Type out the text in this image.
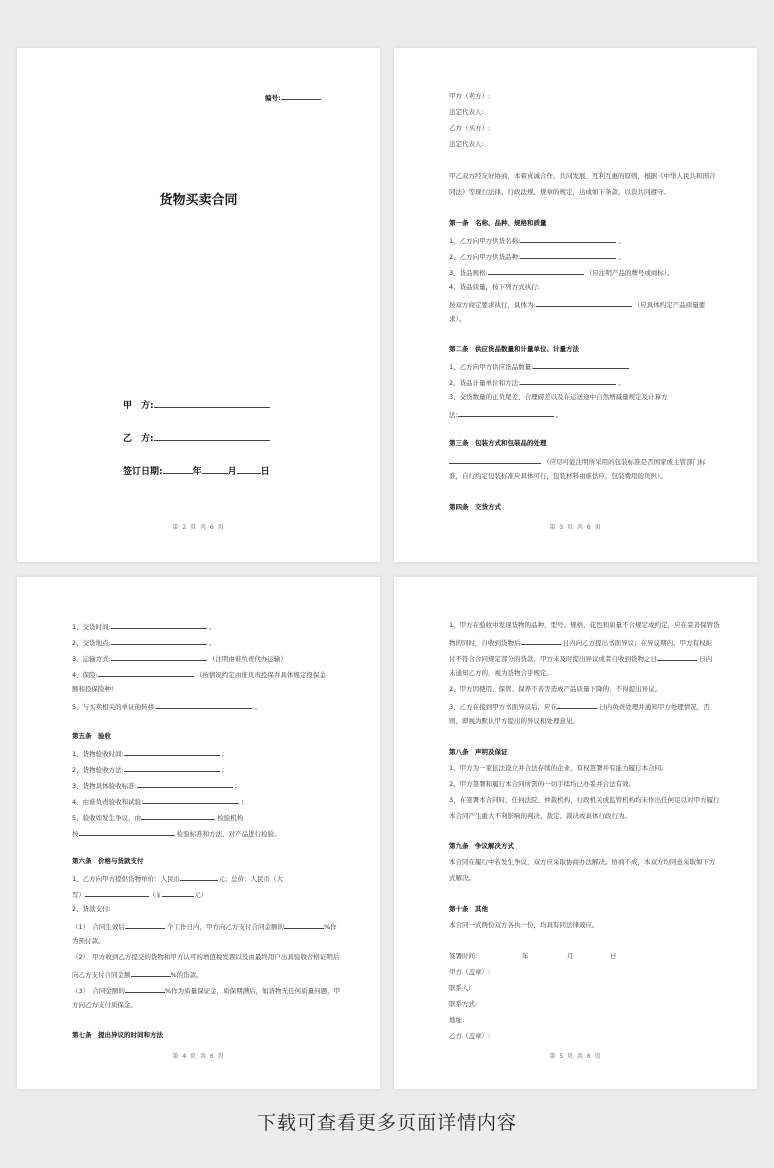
编号:
货物买卖合同
甲　方:
乙　方:
签订日期:	年	月	日
第 2 页 共 6 页
甲方（卖方）:
法定代表人:
乙方（买方）:
法定代表人:
甲乙双方经友好协商，本着真诚合作、共同发展、互利互惠的原则，根据《中华人民共和国合
同法》等现行法律、行政法规、规章的规定，达成如下条款，以资共同遵守。
第一条　名称、品种、规格和质量
1、乙方向甲方供货名称:	。
2、乙方向甲方供货品种:	。
3、货品规格:	（应注明产品的牌号或商标）。
4、货品质量，按下列方式执行:
按双方商定要求执行，具体为:	（应具体约定产品质量要
求）。
第二条　供应货品数量和计量单位、计量方法
1、乙方向甲方供应货品数量:
2、货品计量单位和方法:	。
3、交货数量的正负尾差、合理磅差以及在运送途中自然增减量规定及计算方
法:	。
第三条　包装方式和包装品的处理
（应尽可能注明所采用的包装标准是否国家或主管部门标
准，自行约定包装标准应具体可行，包装材料由谁供应，包装费用的负担）。
第四条　交货方式
第 3 页 共 6 页
1、交货时间:	。
2、交货地点:	。
3、运输方式:	（注明由谁负责代办运输）
4、保险:	（按情况约定由谁负责投保并具体规定投保金
额和投保险种）
5、与买卖相关的单证的转移:	。
第五条　验收
1、货物验收时间:	;
2、货物验收方法:	;
3、货物具体验收标准:	;
4、由谁负责验收和试验:	;
5、验收如发生争议，由	检验机构
按	检验标准和方法，对产品进行检验。
第六条　价格与货款支付
1、乙方向甲方提供货物单价：人民币	元；总价：人民币（大
写）	（￥	元）
2、货款支付:
（1）　合同生效后	个工作日内，甲方向乙方支付合同金额的	%作
为预付款。
（2）　甲方收到乙方提交的货物和甲方认可的增值税发票以及由最终用户出具验收合格证明后
向乙方支付合同金额	%的货款。
（3）　合同金额的	%作为质量保证金，质保期满后，如货物无任何质量问题，甲
方向乙方支付质保金。
第七条　提出异议的时间和方法
第 4 页 共 6 页
1、甲方在验收中发现货物的品种、型号、规格、花色和质量不合规定或约定，应在妥善保管货
物的同时，自收到货物后	日内向乙方提出书面异议；在异议期内，甲方有权拒
付不符合合同规定部分的货款。甲方未及时提出异议或者自收到货物之日	日内
未通知乙方的，视为货物合乎规定。
2、甲方因使用、保管、保养不善等造成产品质量下降的，不得提出异议。
3、乙方在接到甲方书面异议后，应在	日内负责处理并通知甲方处理情况，否
则，即视为默认甲方提出的异议和处理意见。
第八条　声明及保证
1、甲方为一家依法设立并合法存续的企业，有权签署并有能力履行本合同。
2、甲方签署和履行本合同所需的一切手续均已办妥并合法有效。
3、在签署本合同时，任何法院、仲裁机构、行政机关或监管机构均未作出任何足以对甲方履行
本合同产生重大不利影响的判决、裁定、裁决或具体行政行为。
第九条　争议解决方式
本合同在履行中若发生争议，双方应采取协商办法解决。协商不成，本双方均同意采取如下方
式解决。
第十条　其他
本合同一式两份双方各执一份，均具有同法律效应。
签署时间:	年	月	日
甲方（盖章）:
联系人:
联系方式:
地址:
乙方（盖章）:
第 5 页 共 6 页
下载可查看更多页面详情内容
